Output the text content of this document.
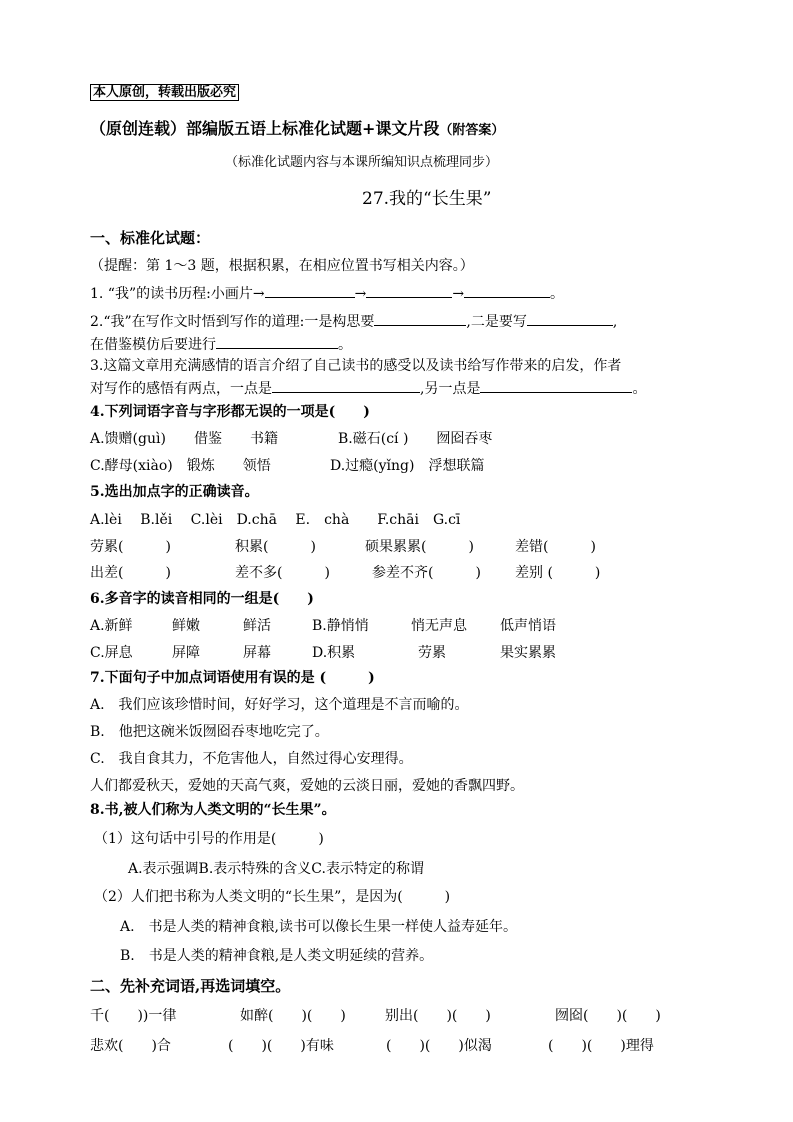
本人原创，转载出版必究
（原创连载）部编版五语上标准化试题+课文片段（附答案）
（标准化试题内容与本课所编知识点梳理同步）
27.我的“长生果”
一、标准化试题：
（提醒：第 1～3 题，根据积累，在相应位置书写相关内容。）
1. “我”的读书历程:小画片→	→	→	。
2.“我”在写作文时悟到写作的道理:一是构思要	,二是要写	,
在借鉴模仿后要进行	。
3.这篇文章用充满感情的语言介绍了自己读书的感受以及读书给写作带来的启发，作者
对写作的感悟有两点，一点是	,另一点是	。
4.下列词语字音与字形都无误的一项是(　　)
A.馈赠(guì)　　借鉴　　书籍	B.磁石(cí )　　囫囵吞枣
C.酵母(xiào)　锻炼　　领悟	D.过瘾(yǐng)　浮想联篇
5.选出加点字的正确读音。
A.lèi　 B.lěi　 C.lèi　D.chā　 E.　chà　　F.chāi　G.cī
劳累(　　　)	积累(　　　)	硕果累累(　　　)	差错(　　　)
出差(　　　)	差不多(　　　)	参差不齐(　　　) 差别 (　　　)
6.多音字的读音相同的一组是(　　)
A.新鲜	鲜嫩	鲜活	B.静悄悄	悄无声息 低声悄语
C.屏息	屏障	屏幕	D.积累	劳累	果实累累
7.下面句子中加点词语使用有误的是 (　　　)
A.　我们应该珍惜时间，好好学习，这个道理是不言而喻的。
B.　他把这碗米饭囫囵吞枣地吃完了。
C.　我自食其力，不危害他人，自然过得心安理得。
人们都爱秋天，爱她的天高气爽，爱她的云淡日丽，爱她的香飘四野。
8.书,被人们称为人类文明的“长生果”。
（1）这句话中引号的作用是(　　　)
A.表示强调B.表示特殊的含义C.表示特定的称谓
（2）人们把书称为人类文明的“长生果”，是因为(　　　)
A.　书是人类的精神食粮,读书可以像长生果一样使人益寿延年。
B.　书是人类的精神食粮,是人类文明延续的营养。
二、先补充词语,再选词填空。
千(　　))一律	如醉(　　)(　　)	别出(　　)(　　)	囫囵(　　)(　　)
悲欢(　　)合	(　　)(　　)有味	(　　)(　　)似渴	(　　)(　　)理得
